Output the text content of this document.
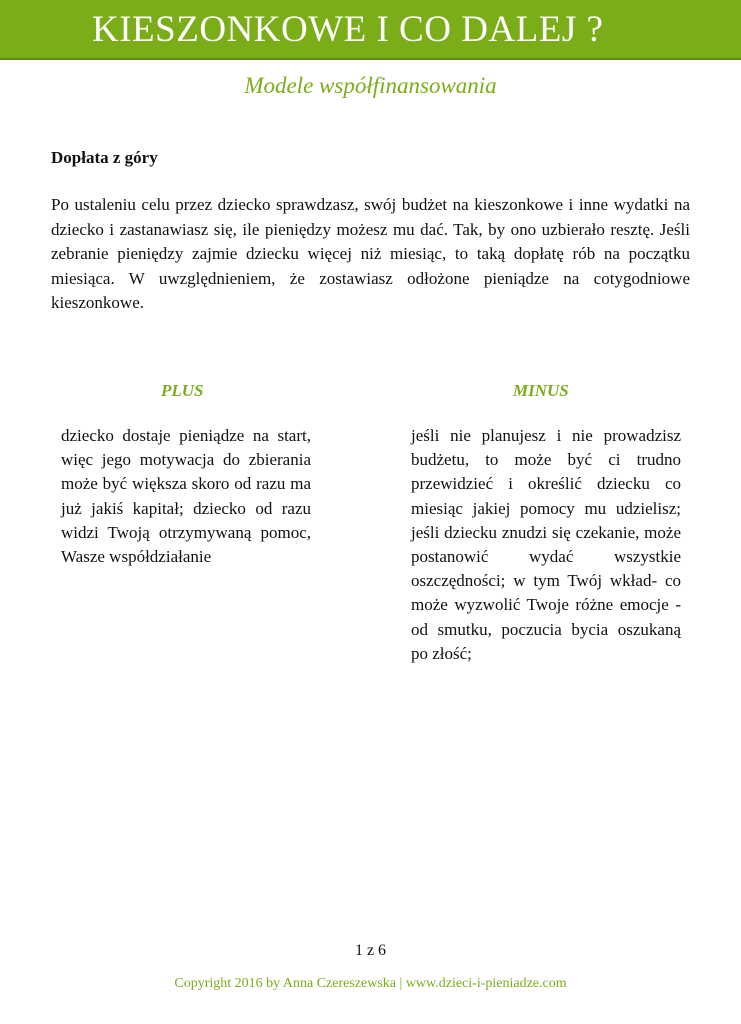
KIESZONKOWE I CO DALEJ ?
Modele współfinansowania
Dopłata z góry

Po ustaleniu celu przez dziecko sprawdzasz, swój budżet na kieszonkowe i inne wydatki na dziecko i zastanawiasz się, ile pieniędzy możesz mu dać. Tak, by ono uzbierało resztę. Jeśli zebranie pieniędzy zajmie dziecku więcej niż miesiąc, to taką dopłatę rób na początku miesiąca. W uwzględnieniem, że zostawiasz odłożone pieniądze na cotygodniowe kieszonkowe.

PLUS	MINUS

dziecko dostaje pieniądze na start, więc jego motywacja do zbierania może być większa skoro od razu ma już jakiś kapitał; dziecko od razu widzi Twoją otrzymywaną pomoc, Wasze współdziałanie

jeśli nie planujesz i nie prowadzisz budżetu, to może być ci trudno przewidzieć i określić dziecku co miesiąc jakiej pomocy mu udzielisz; jeśli dziecku znudzi się czekanie, może postanowić wydać wszystkie oszczędności; w tym Twój wkład- co może wyzwolić Twoje różne emocje - od smutku, poczucia bycia oszukaną po złość;

1 z 6
Copyright 2016 by Anna Czereszewska | www.dzieci-i-pieniadze.com
